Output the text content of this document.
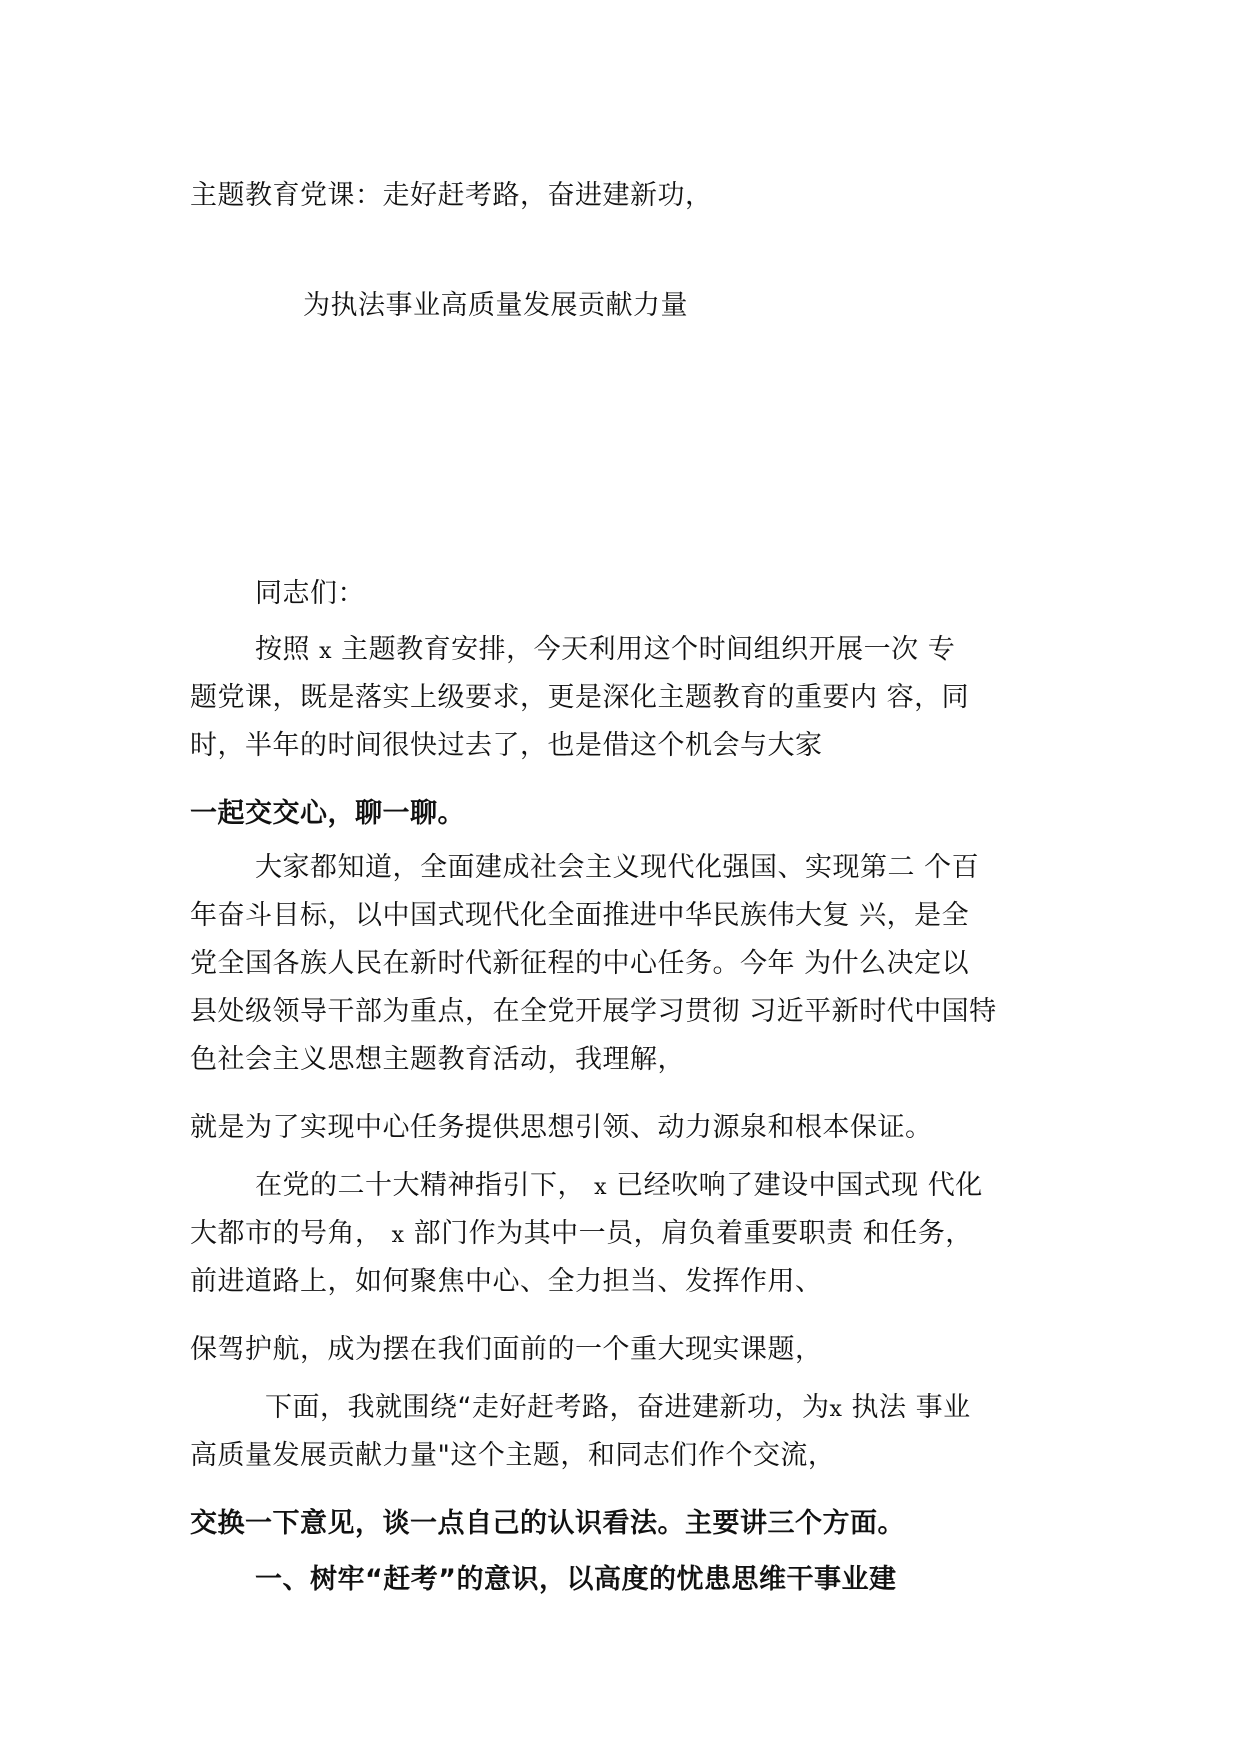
主题教育党课：走好赶考路，奋进建新功，
为执法事业高质量发展贡献力量
同志们：
按照 x 主题教育安排，今天利用这个时间组织开展一次 专
题党课，既是落实上级要求，更是深化主题教育的重要内 容，同
时，半年的时间很快过去了，也是借这个机会与大家
一起交交心，聊一聊。
大家都知道，全面建成社会主义现代化强国、实现第二 个百
年奋斗目标，以中国式现代化全面推进中华民族伟大复 兴，是全
党全国各族人民在新时代新征程的中心任务。今年 为什么决定以
县处级领导干部为重点，在全党开展学习贯彻 习近平新时代中国特
色社会主义思想主题教育活动，我理解，
就是为了实现中心任务提供思想引领、动力源泉和根本保证。
在党的二十大精神指引下， x 已经吹响了建设中国式现 代化
大都市的号角， x 部门作为其中一员，肩负着重要职责 和任务，
前进道路上，如何聚焦中心、全力担当、发挥作用、
保驾护航，成为摆在我们面前的一个重大现实课题，
下面，我就围绕“走好赶考路，奋进建新功，为x 执法 事业
高质量发展贡献力量"这个主题，和同志们作个交流，
交换一下意见，谈一点自己的认识看法。主要讲三个方面。
一、树牢“赶考”的意识，以高度的忧患思维干事业建
